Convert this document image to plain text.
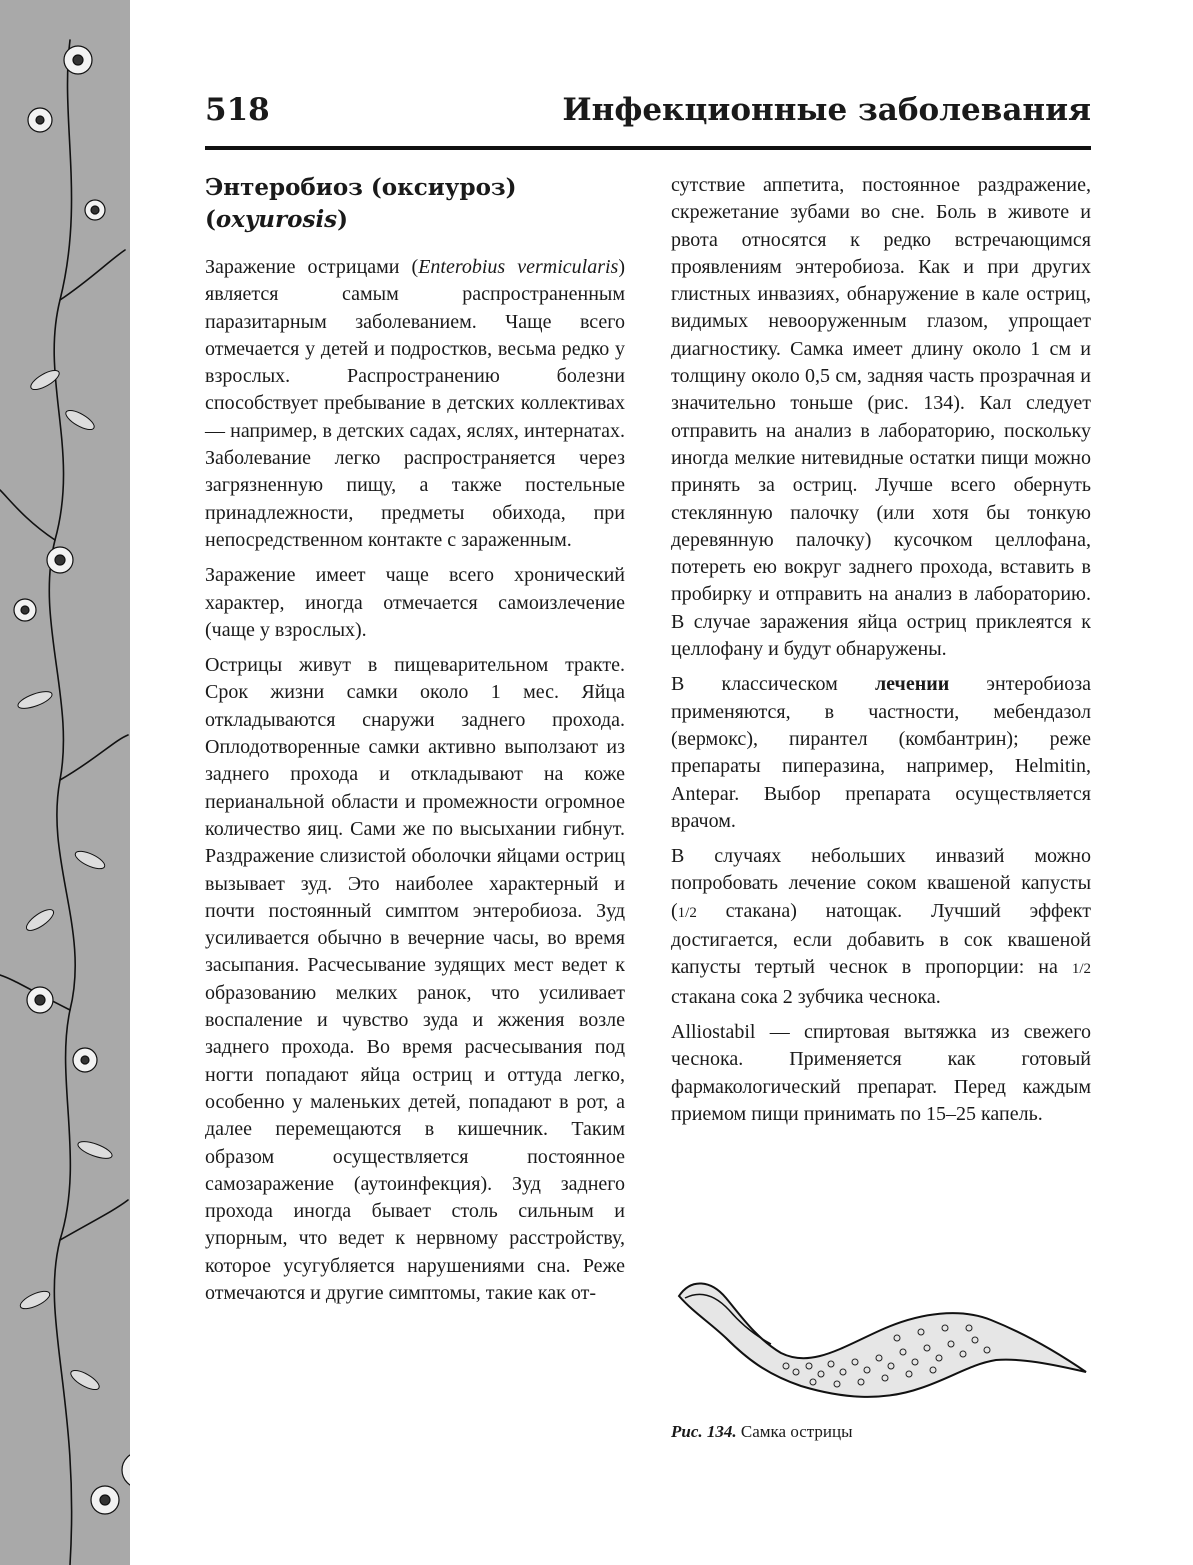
518	Инфекционные заболевания
Энтеробиоз (оксиуроз)
(oxyurosis)

Заражение острицами (Enterobius vermicularis) является самым распространенным паразитарным заболеванием. Чаще всего отмечается у детей и подростков, весьма редко у взрослых. Распространению болезни способствует пребывание в детских коллективах — например, в детских садах, яслях, интернатах. Заболевание легко распространяется через загрязненную пищу, а также постельные принадлежности, предметы обихода, при непосредственном контакте с зараженным.

Заражение имеет чаще всего хронический характер, иногда отмечается самоизлечение (чаще у взрослых).

Острицы живут в пищеварительном тракте. Срок жизни самки около 1 мес. Яйца откладываются снаружи заднего прохода. Оплодотворенные самки активно выползают из заднего прохода и откладывают на коже перианальной области и промежности огромное количество яиц. Сами же по высыхании гибнут. Раздражение слизистой оболочки яйцами остриц вызывает зуд. Это наиболее характерный и почти постоянный симптом энтеробиоза. Зуд усиливается обычно в вечерние часы, во время засыпания. Расчесывание зудящих мест ведет к образованию мелких ранок, что усиливает воспаление и чувство зуда и жжения возле заднего прохода. Во время расчесывания под ногти попадают яйца остриц и оттуда легко, особенно у маленьких детей, попадают в рот, а далее перемещаются в кишечник. Таким образом осуществляется постоянное самозаражение (аутоинфекция). Зуд заднего прохода иногда бывает столь сильным и упорным, что ведет к нервному расстройству, которое усугубляется нарушениями сна. Реже отмечаются и другие симптомы, такие как от-

сутствие аппетита, постоянное раздражение, скрежетание зубами во сне. Боль в животе и рвота относятся к редко встречающимся проявлениям энтеробиоза. Как и при других глистных инвазиях, обнаружение в кале остриц, видимых невооруженным глазом, упрощает диагностику. Самка имеет длину около 1 см и толщину около 0,5 см, задняя часть прозрачная и значительно тоньше (рис. 134). Кал следует отправить на анализ в лабораторию, поскольку иногда мелкие нитевидные остатки пищи можно принять за остриц. Лучше всего обернуть стеклянную палочку (или хотя бы тонкую деревянную палочку) кусочком целлофана, потереть ею вокруг заднего прохода, вставить в пробирку и отправить на анализ в лабораторию. В случае заражения яйца остриц приклеятся к целлофану и будут обнаружены.

В классическом лечении энтеробиоза применяются, в частности, мебендазол (вермокс), пирантел (комбантрин); реже препараты пиперазина, например, Helmitin, Antepar. Выбор препарата осуществляется врачом.

В случаях небольших инвазий можно попробовать лечение соком квашеной капусты (1/2 стакана) натощак. Лучший эффект достигается, если добавить в сок квашеной капусты тертый чеснок в пропорции: на 1/2 стакана сока 2 зубчика чеснока.

Alliostabil — спиртовая вытяжка из свежего чеснока. Применяется как готовый фармакологический препарат. Перед каждым приемом пищи принимать по 15–25 капель.

Рис. 134. Самка острицы
